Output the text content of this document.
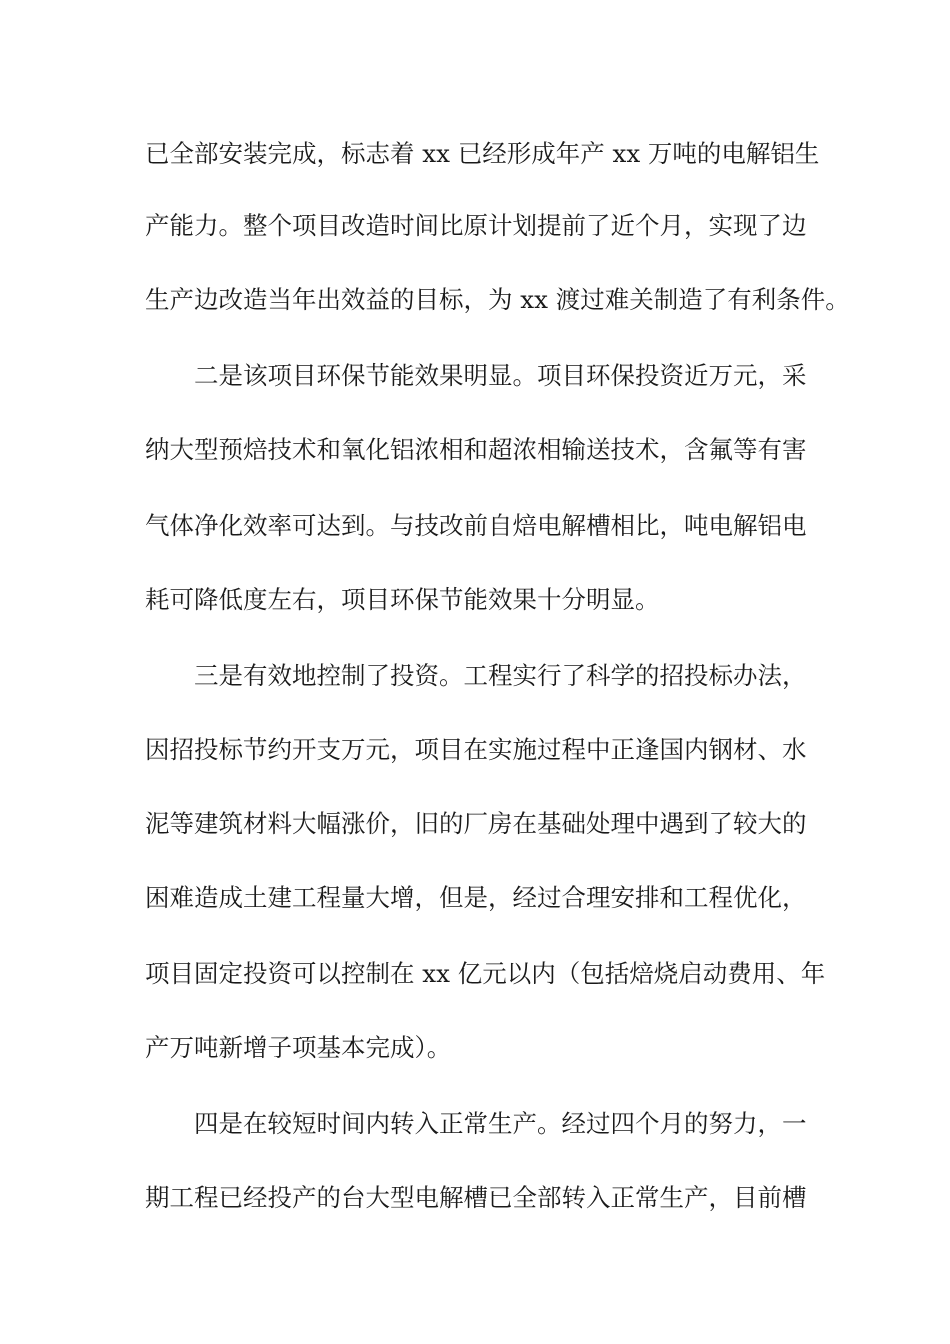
已全部安装完成，标志着 xx 已经形成年产 xx 万吨的电解铝生
产能力。整个项目改造时间比原计划提前了近个月，实现了边
生产边改造当年出效益的目标，为 xx 渡过难关制造了有利条件。
二是该项目环保节能效果明显。项目环保投资近万元，采
纳大型预焙技术和氧化铝浓相和超浓相输送技术，含氟等有害
气体净化效率可达到。与技改前自焙电解槽相比，吨电解铝电
耗可降低度左右，项目环保节能效果十分明显。
三是有效地控制了投资。工程实行了科学的招投标办法，
因招投标节约开支万元，项目在实施过程中正逢国内钢材、水
泥等建筑材料大幅涨价，旧的厂房在基础处理中遇到了较大的
困难造成土建工程量大增，但是，经过合理安排和工程优化，
项目固定投资可以控制在 xx 亿元以内（包括焙烧启动费用、年
产万吨新增子项基本完成）。
四是在较短时间内转入正常生产。经过四个月的努力，一
期工程已经投产的台大型电解槽已全部转入正常生产，目前槽
